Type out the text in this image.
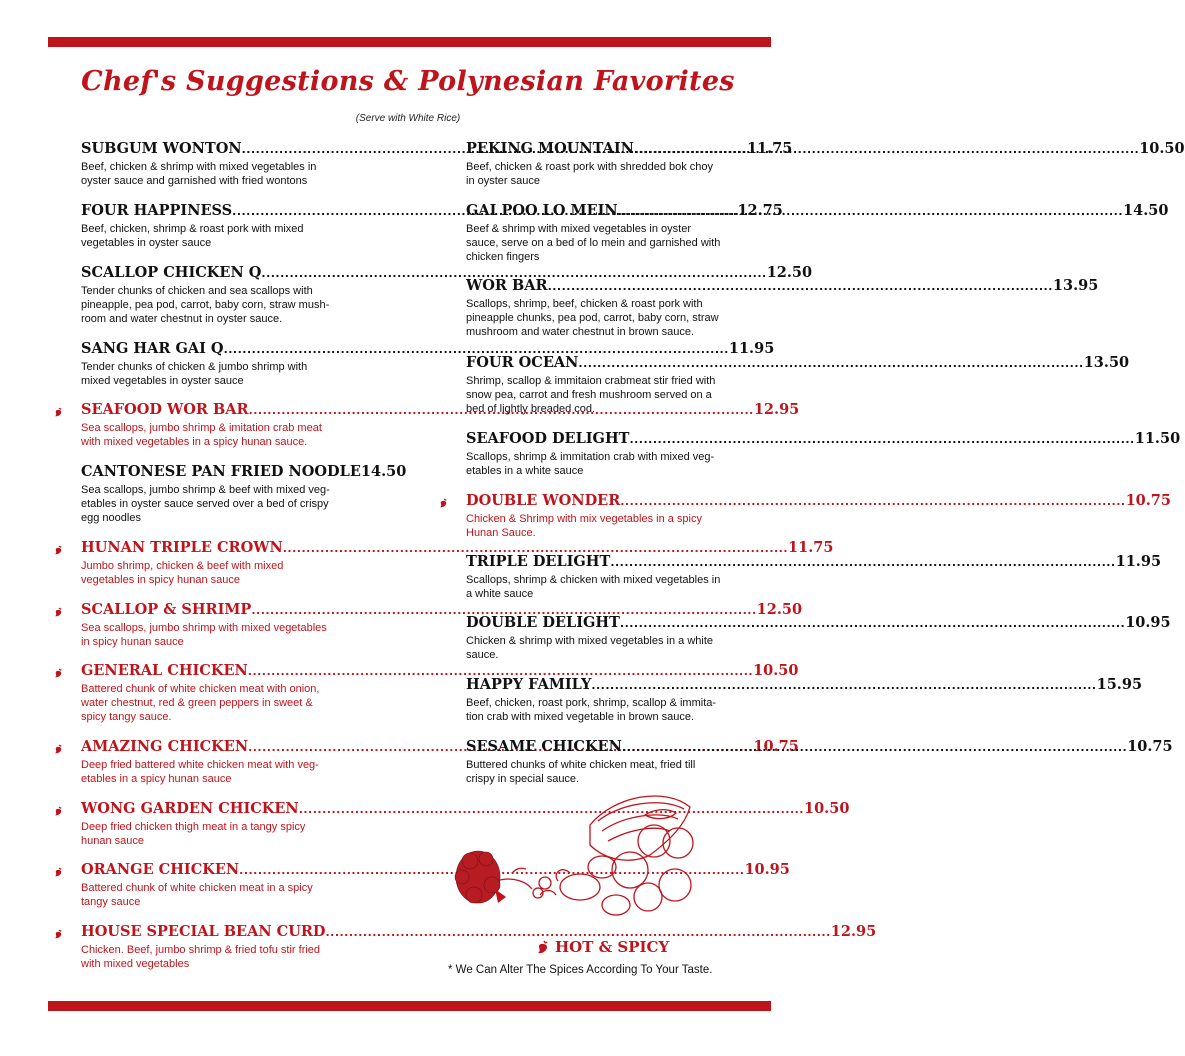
Chef's Suggestions & Polynesian Favorites
(Serve with White Rice)
SUBGUM WONTON .....	11.75
Beef, chicken & shrimp with mixed vegetables in
oyster sauce and garnished with fried wontons
FOUR HAPPINESS .....	12.75
Beef, chicken, shrimp & roast pork with mixed
vegetables in oyster sauce
SCALLOP CHICKEN Q .....	12.50
Tender chunks of chicken and sea scallops with
pineapple, pea pod, carrot, baby corn, straw mush-
room and water chestnut in oyster sauce.
SANG HAR GAI Q .....	11.95
Tender chunks of chicken & jumbo shrimp with
mixed vegetables in oyster sauce
SEAFOOD WOR BAR .....	12.95
Sea scallops, jumbo shrimp & imitation crab meat
with mixed vegetables in a spicy hunan sauce.
CANTONESE PAN FRIED NOODLE 14.50
Sea scallops, jumbo shrimp & beef with mixed veg-
etables in oyster sauce served over a bed of crispy
egg noodles
HUNAN TRIPLE CROWN .....	11.75
Jumbo shrimp, chicken & beef with mixed
vegetables in spicy hunan sauce
SCALLOP & SHRIMP .....	12.50
Sea scallops, jumbo shrimp with mixed vegetables
in spicy hunan sauce
GENERAL CHICKEN .....	10.50
Battered chunk of white chicken meat with onion,
water chestnut, red & green peppers in sweet &
spicy tangy sauce.
AMAZING CHICKEN .....	10.75
Deep fried battered white chicken meat with veg-
etables in a spicy hunan sauce
WONG GARDEN CHICKEN .....	10.50
Deep fried chicken thigh meat in a tangy spicy
hunan sauce
ORANGE CHICKEN .....	10.95
Battered chunk of white chicken meat in a spicy
tangy sauce
HOUSE SPECIAL BEAN CURD .....	12.95
Chicken. Beef, jumbo shrimp & fried tofu stir fried
with mixed vegetables
PEKING MOUNTAIN .....	10.50
Beef, chicken & roast pork with shredded bok choy
in oyster sauce
GAI POO LO MEIN .....	14.50
Beef & shrimp with mixed vegetables in oyster
sauce, serve on a bed of lo mein and garnished with
chicken fingers
WOR BAR .....	13.95
Scallops, shrimp, beef, chicken & roast pork with
pineapple chunks, pea pod, carrot, baby corn, straw
mushroom and water chestnut in brown sauce.
FOUR OCEAN .....	13.50
Shrimp, scallop & immitaion crabmeat stir fried with
snow pea, carrot and fresh mushroom served on a
bed of lightly breaded cod.
SEAFOOD DELIGHT .....	11.50
Scallops, shrimp & immitation crab with mixed veg-
etables in a white sauce
DOUBLE WONDER .....	10.75
Chicken & Shrimp with mix vegetables in a spicy
Hunan Sauce.
TRIPLE DELIGHT .....	11.95
Scallops, shrimp & chicken with mixed vegetables in
a white sauce
DOUBLE DELIGHT .....	10.95
Chicken & shrimp with mixed vegetables in a white
sauce.
HAPPY FAMILY .....	15.95
Beef, chicken, roast pork, shrimp, scallop & immita-
tion crab with mixed vegetable in brown sauce.
SESAME CHICKEN .....	10.75
Buttered chunks of white chicken meat, fried till
crispy in special sauce.
HOT & SPICY
* We Can Alter The Spices According To Your Taste.
